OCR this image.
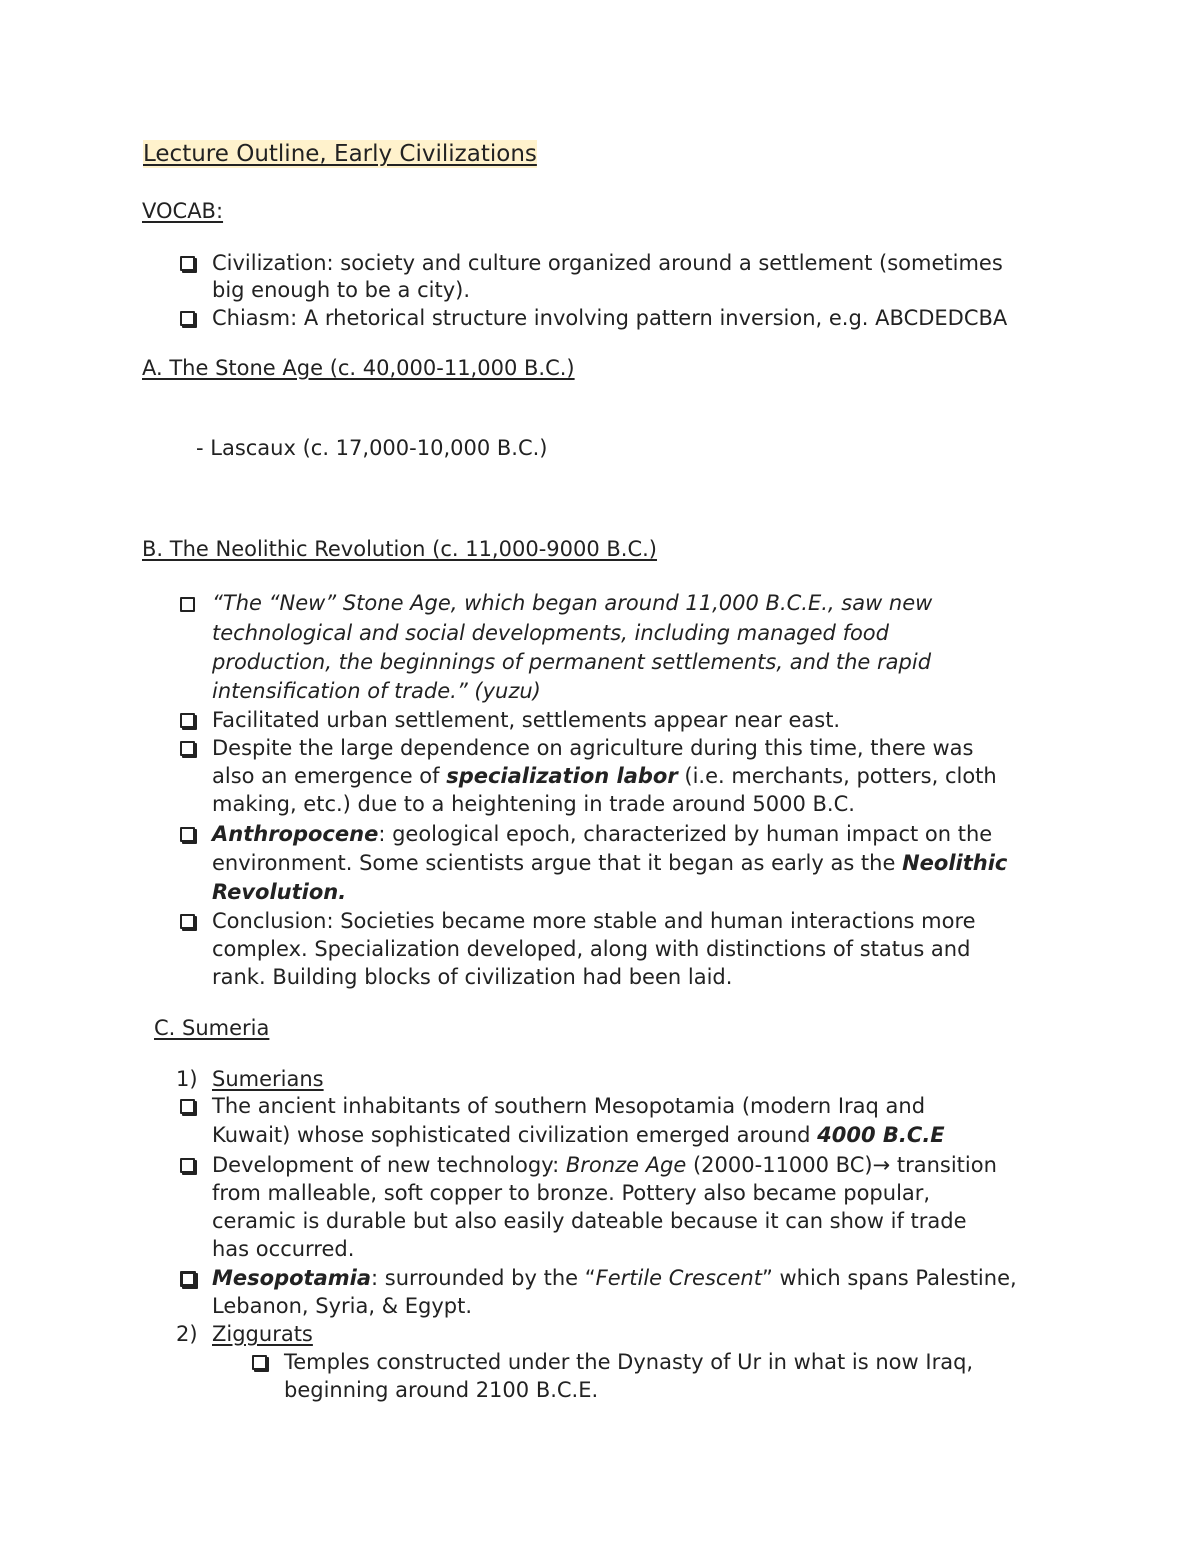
Lecture Outline, Early Civilizations

VOCAB:

Civilization: society and culture organized around a settlement (sometimes

big enough to be a city).

Chiasm: A rhetorical structure involving pattern inversion, e.g. ABCDEDCBA

A. The Stone Age (c. 40,000-11,000 B.C.)

- Lascaux (c. 17,000-10,000 B.C.)

B. The Neolithic Revolution (c. 11,000-9000 B.C.)

“The “New” Stone Age, which began around 11,000 B.C.E., saw new

technological and social developments, including managed food

production, the beginnings of permanent settlements, and the rapid

intensification of trade.” (yuzu)

Facilitated urban settlement, settlements appear near east.

Despite the large dependence on agriculture during this time, there was

also an emergence of specialization labor (i.e. merchants, potters, cloth

making, etc.) due to a heightening in trade around 5000 B.C.

Anthropocene: geological epoch, characterized by human impact on the

environment. Some scientists argue that it began as early as the Neolithic

Revolution.

Conclusion: Societies became more stable and human interactions more

complex. Specialization developed, along with distinctions of status and

rank. Building blocks of civilization had been laid.

C. Sumeria

1) Sumerians

The ancient inhabitants of southern Mesopotamia (modern Iraq and

Kuwait) whose sophisticated civilization emerged around 4000 B.C.E

Development of new technology: Bronze Age (2000-11000 BC)→ transition

from malleable, soft copper to bronze. Pottery also became popular,

ceramic is durable but also easily dateable because it can show if trade

has occurred.

Mesopotamia: surrounded by the “Fertile Crescent” which spans Palestine,

Lebanon, Syria, & Egypt.

2) Ziggurats

Temples constructed under the Dynasty of Ur in what is now Iraq,

beginning around 2100 B.C.E.
